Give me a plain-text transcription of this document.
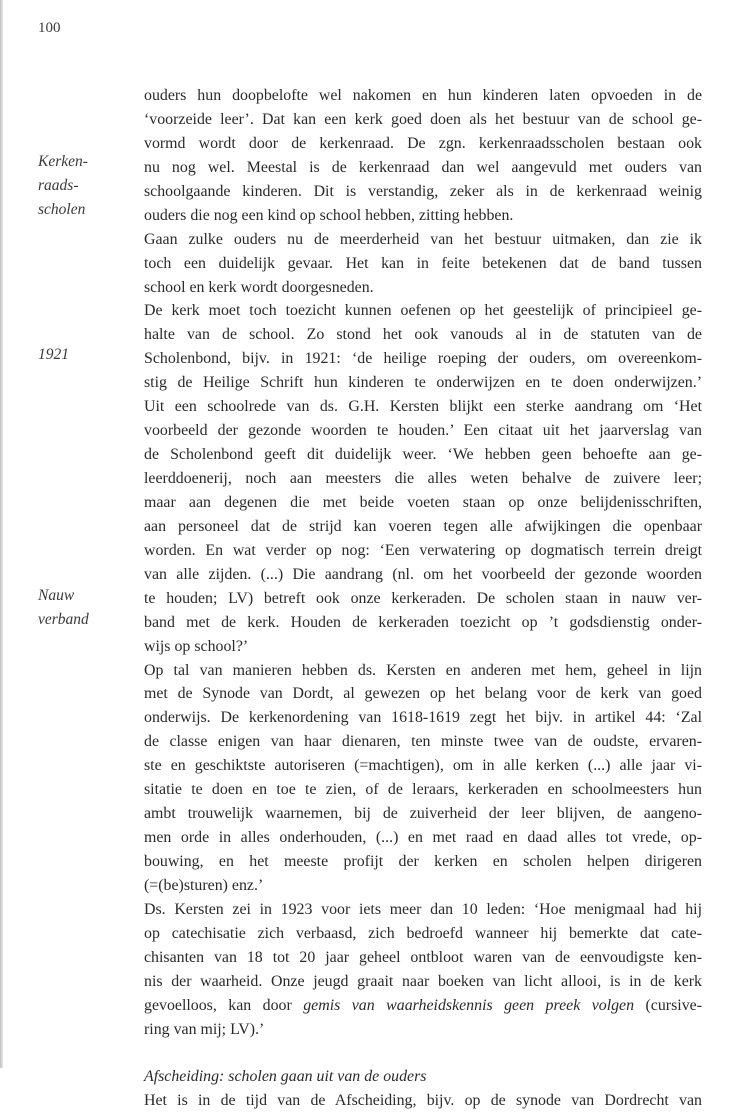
100
Kerken-
raads-
scholen
1921
Nauw
verband
ouders hun doopbelofte wel nakomen en hun kinderen laten opvoeden in de
‘voorzeide leer’. Dat kan een kerk goed doen als het bestuur van de school ge-
vormd wordt door de kerkenraad. De zgn. kerkenraadsscholen bestaan ook
nu nog wel. Meestal is de kerkenraad dan wel aangevuld met ouders van
schoolgaande kinderen. Dit is verstandig, zeker als in de kerkenraad weinig
ouders die nog een kind op school hebben, zitting hebben.
Gaan zulke ouders nu de meerderheid van het bestuur uitmaken, dan zie ik
toch een duidelijk gevaar. Het kan in feite betekenen dat de band tussen
school en kerk wordt doorgesneden.
De kerk moet toch toezicht kunnen oefenen op het geestelijk of principieel ge-
halte van de school. Zo stond het ook vanouds al in de statuten van de
Scholenbond, bijv. in 1921: ‘de heilige roeping der ouders, om overeenkom-
stig de Heilige Schrift hun kinderen te onderwijzen en te doen onderwijzen.’
Uit een schoolrede van ds. G.H. Kersten blijkt een sterke aandrang om ‘Het
voorbeeld der gezonde woorden te houden.’ Een citaat uit het jaarverslag van
de Scholenbond geeft dit duidelijk weer. ‘We hebben geen behoefte aan ge-
leerddoenerij, noch aan meesters die alles weten behalve de zuivere leer;
maar aan degenen die met beide voeten staan op onze belijdenisschriften,
aan personeel dat de strijd kan voeren tegen alle afwijkingen die openbaar
worden. En wat verder op nog: ‘Een verwatering op dogmatisch terrein dreigt
van alle zijden. (...) Die aandrang (nl. om het voorbeeld der gezonde woorden
te houden; LV) betreft ook onze kerkeraden. De scholen staan in nauw ver-
band met de kerk. Houden de kerkeraden toezicht op ’t godsdienstig onder-
wijs op school?’
Op tal van manieren hebben ds. Kersten en anderen met hem, geheel in lijn
met de Synode van Dordt, al gewezen op het belang voor de kerk van goed
onderwijs. De kerkenordening van 1618-1619 zegt het bijv. in artikel 44: ‘Zal
de classe enigen van haar dienaren, ten minste twee van de oudste, ervaren-
ste en geschiktste autoriseren (=machtigen), om in alle kerken (...) alle jaar vi-
sitatie te doen en toe te zien, of de leraars, kerkeraden en schoolmeesters hun
ambt trouwelijk waarnemen, bij de zuiverheid der leer blijven, de aangeno-
men orde in alles onderhouden, (...) en met raad en daad alles tot vrede, op-
bouwing, en het meeste profijt der kerken en scholen helpen dirigeren
(=(be)sturen) enz.’
Ds. Kersten zei in 1923 voor iets meer dan 10 leden: ‘Hoe menigmaal had hij
op catechisatie zich verbaasd, zich bedroefd wanneer hij bemerkte dat cate-
chisanten van 18 tot 20 jaar geheel ontbloot waren van de eenvoudigste ken-
nis der waarheid. Onze jeugd graait naar boeken van licht allooi, is in de kerk
gevoelloos, kan door gemis van waarheidskennis geen preek volgen (cursive-
ring van mij; LV).’
Afscheiding: scholen gaan uit van de ouders
Het is in de tijd van de Afscheiding, bijv. op de synode van Dordrecht van
